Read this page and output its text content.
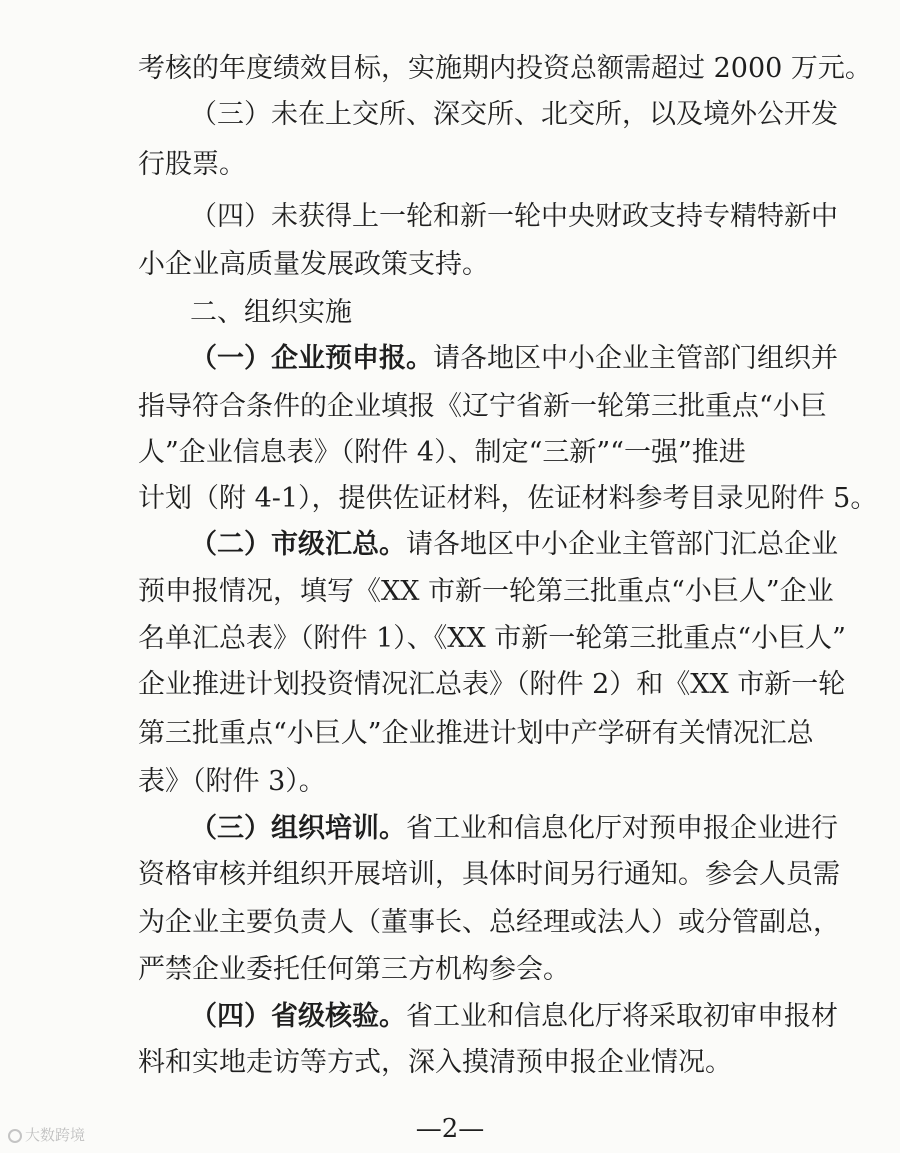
考核的年度绩效目标，实施期内投资总额需超过 2000 万元。
（三）未在上交所、深交所、北交所，以及境外公开发
行股票。
（四）未获得上一轮和新一轮中央财政支持专精特新中
小企业高质量发展政策支持。
二、组织实施
（一）企业预申报。请各地区中小企业主管部门组织并
指导符合条件的企业填报《辽宁省新一轮第三批重点“小巨
人”企业信息表》（附件 4）、制定“三新”“一强”推进
计划（附 4-1），提供佐证材料，佐证材料参考目录见附件 5。
（二）市级汇总。请各地区中小企业主管部门汇总企业
预申报情况，填写《XX 市新一轮第三批重点“小巨人”企业
名单汇总表》（附件 1）、《XX 市新一轮第三批重点“小巨人”
企业推进计划投资情况汇总表》（附件 2）和《XX 市新一轮
第三批重点“小巨人”企业推进计划中产学研有关情况汇总
表》（附件 3）。
（三）组织培训。省工业和信息化厅对预申报企业进行
资格审核并组织开展培训，具体时间另行通知。参会人员需
为企业主要负责人（董事长、总经理或法人）或分管副总，
严禁企业委托任何第三方机构参会。
（四）省级核验。省工业和信息化厅将采取初审申报材
料和实地走访等方式，深入摸清预申报企业情况。
—2—
大数跨境
